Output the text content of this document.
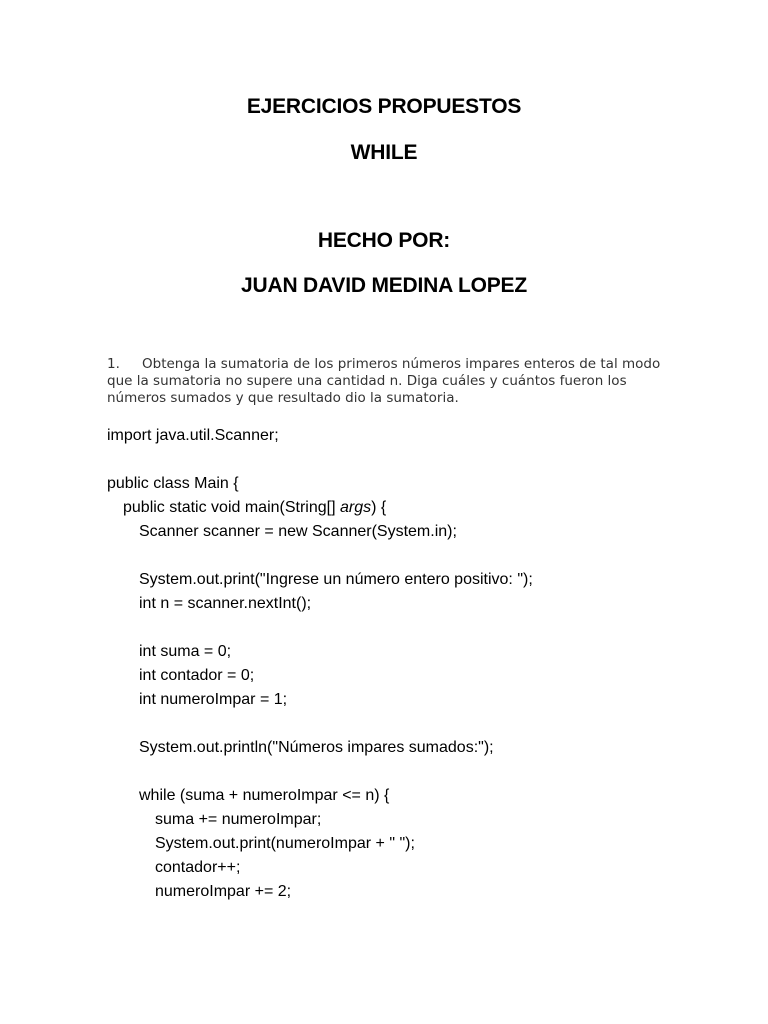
EJERCICIOS PROPUESTOS
WHILE
HECHO POR:
JUAN DAVID MEDINA LOPEZ
1. Obtenga la sumatoria de los primeros números impares enteros de tal modo que la sumatoria no supere una cantidad n. Diga cuáles y cuántos fueron los números sumados y que resultado dio la sumatoria.
import java.util.Scanner;
public class Main {
public static void main(String[] args) {
Scanner scanner = new Scanner(System.in);
System.out.print("Ingrese un número entero positivo: ");
int n = scanner.nextInt();
int suma = 0;
int contador = 0;
int numeroImpar = 1;
System.out.println("Números impares sumados:");
while (suma + numeroImpar <= n) {
suma += numeroImpar;
System.out.print(numeroImpar + " ");
contador++;
numeroImpar += 2;
